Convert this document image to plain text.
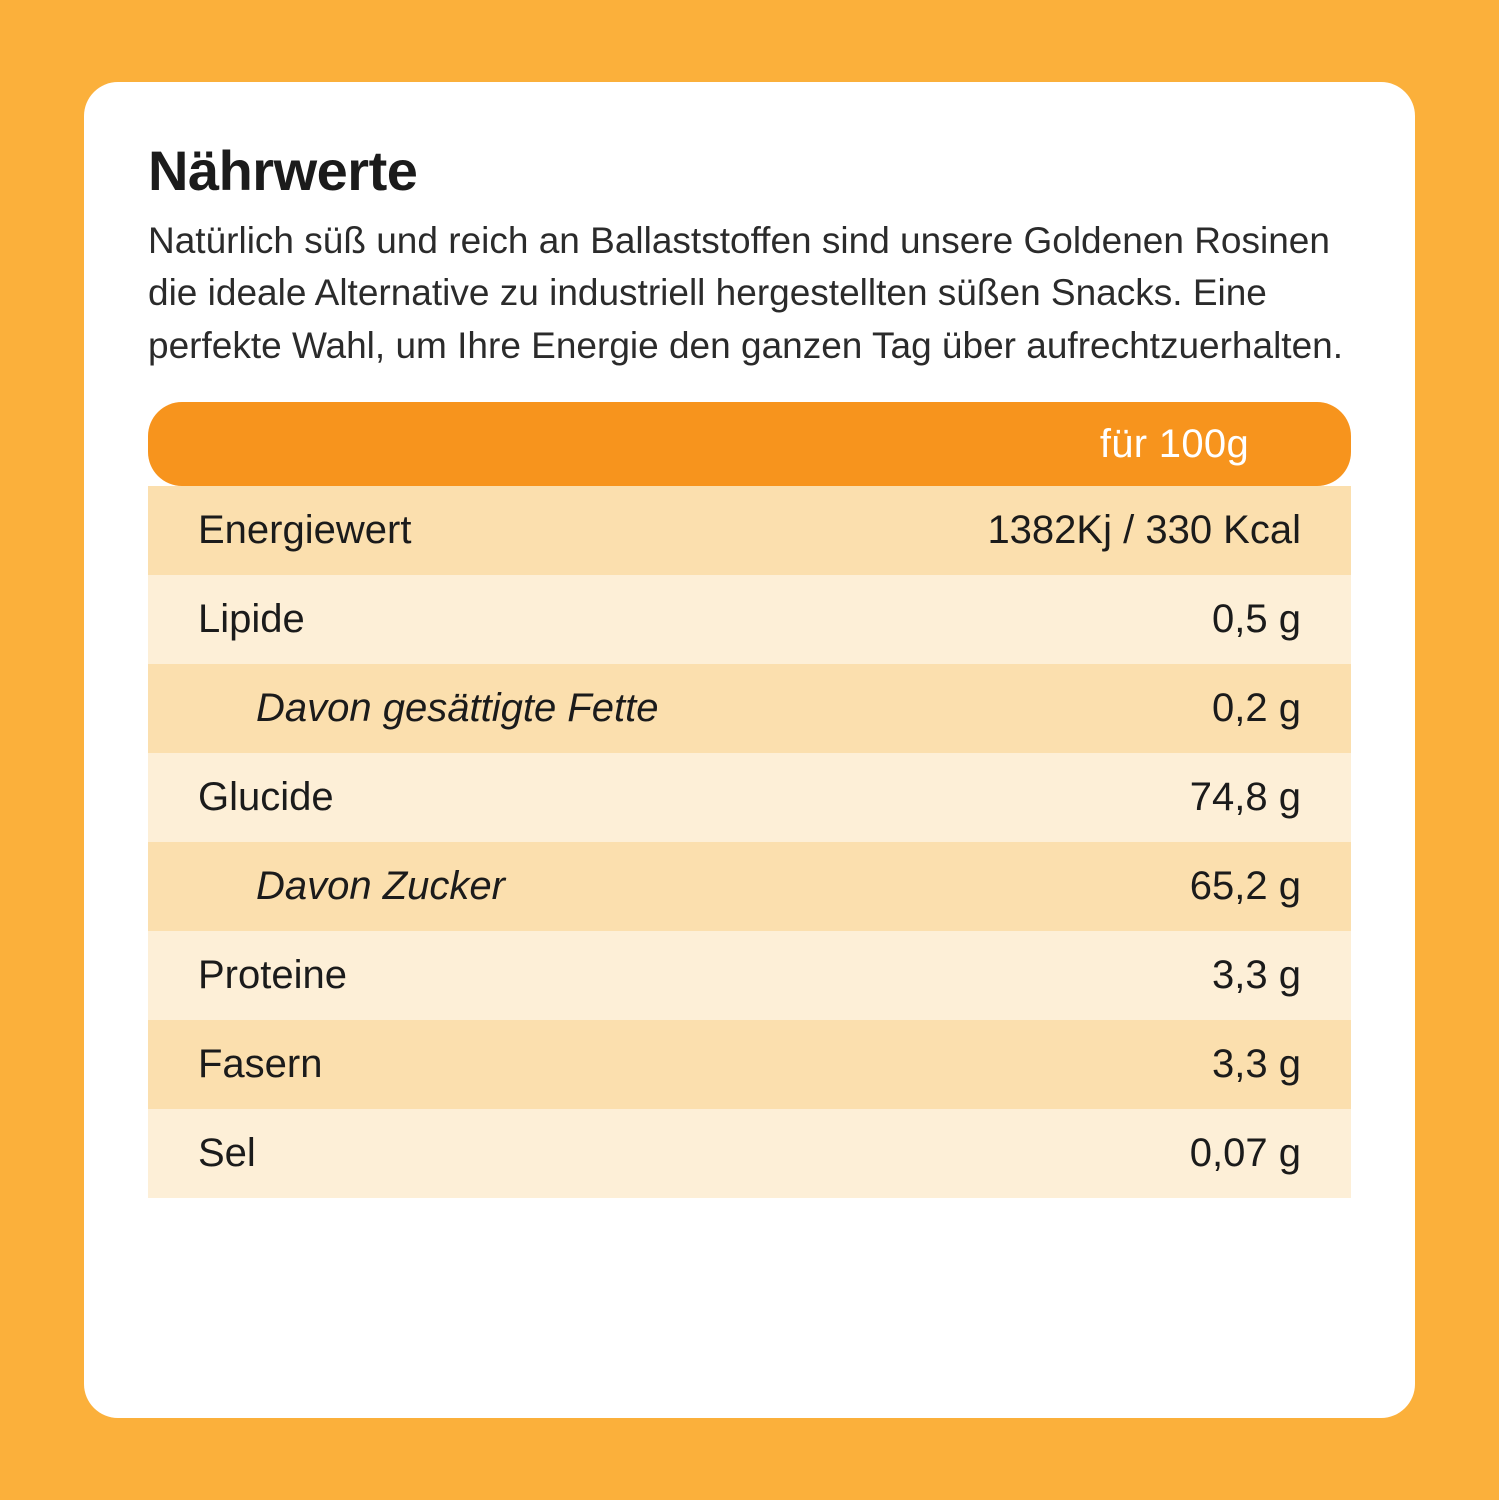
Nährwerte

Natürlich süß und reich an Ballaststoffen sind unsere Goldenen Rosinen die ideale Alternative zu industriell hergestellten süßen Snacks. Eine perfekte Wahl, um Ihre Energie den ganzen Tag über aufrechtzuerhalten.

für 100g
Energiewert	1382Kj / 330 Kcal
Lipide	0,5 g
Davon gesättigte Fette	0,2 g
Glucide	74,8 g
Davon Zucker	65,2 g
Proteine	3,3 g
Fasern	3,3 g
Sel	0,07 g
